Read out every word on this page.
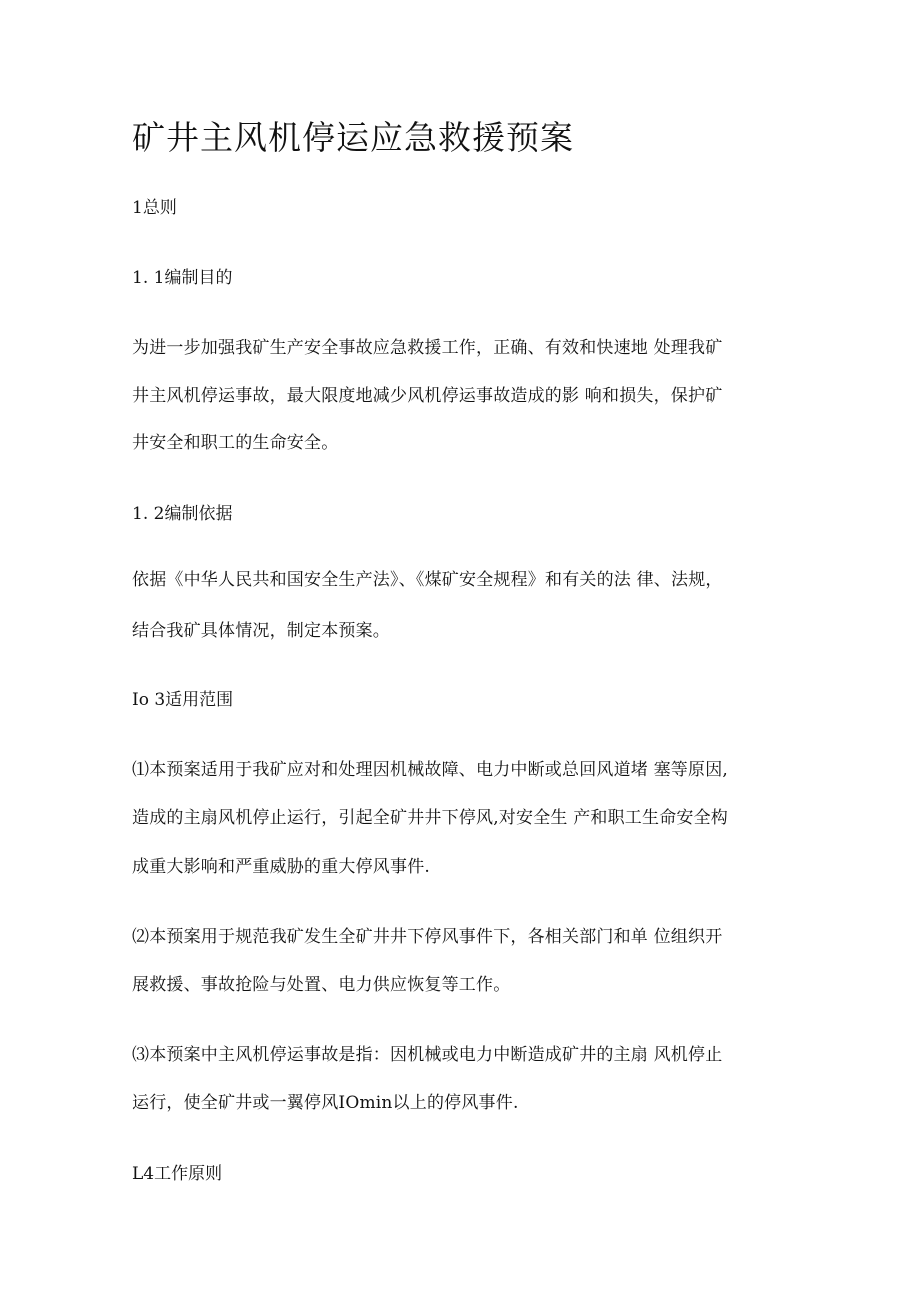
矿井主风机停运应急救援预案

1总则

1. 1编制目的

为进一步加强我矿生产安全事故应急救援工作，正确、有效和快速地 处理我矿

井主风机停运事故，最大限度地减少风机停运事故造成的影 响和损失，保护矿

井安全和职工的生命安全。

1. 2编制依据

依据《中华人民共和国安全生产法》、《煤矿安全规程》和有关的法 律、法规，

结合我矿具体情况，制定本预案。

Io 3适用范围

⑴本预案适用于我矿应对和处理因机械故障、电力中断或总回风道堵 塞等原因,

造成的主扇风机停止运行，引起全矿井井下停风,对安全生 产和职工生命安全构

成重大影响和严重威胁的重大停风事件.

⑵本预案用于规范我矿发生全矿井井下停风事件下，各相关部门和单 位组织开

展救援、事故抢险与处置、电力供应恢复等工作。

⑶本预案中主风机停运事故是指：因机械或电力中断造成矿井的主扇 风机停止

运行，使全矿井或一翼停风IOmin以上的停风事件.

L4工作原则
